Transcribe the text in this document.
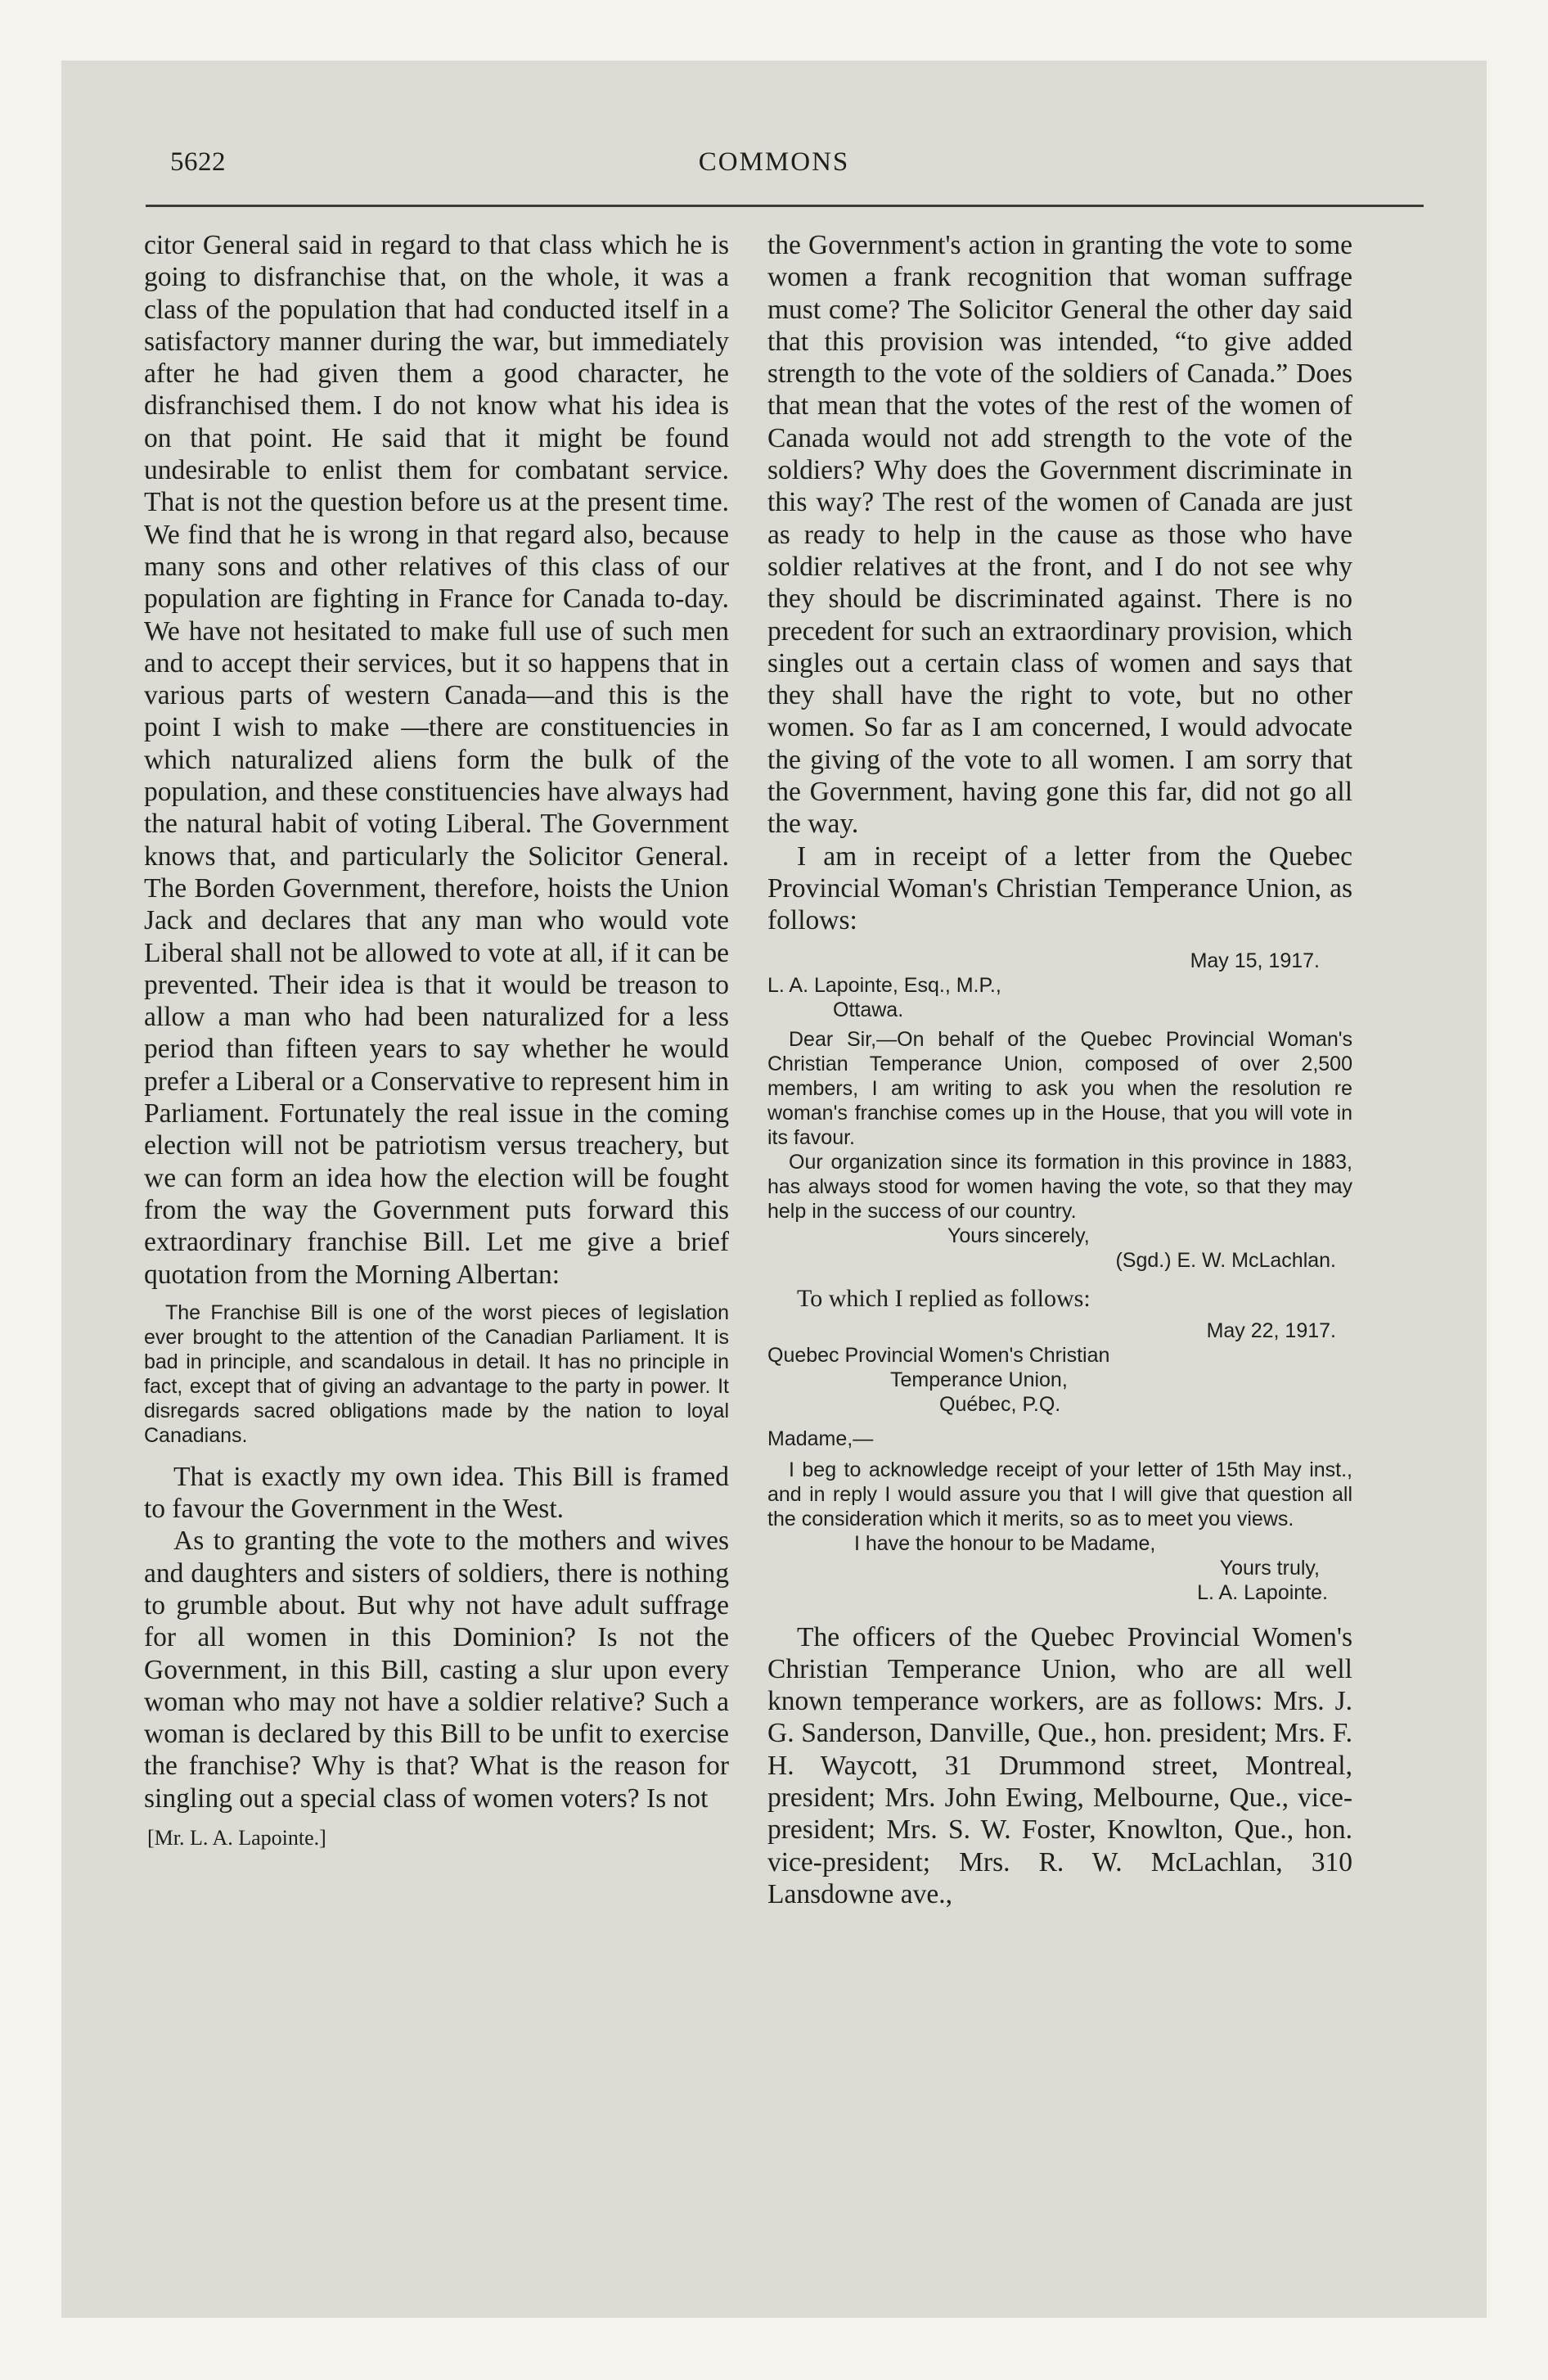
5622	COMMONS

citor General said in regard to that class which he is going to disfranchise that, on the whole, it was a class of the population that had conducted itself in a satisfactory manner during the war, but immediately after he had given them a good character, he disfranchised them. I do not know what his idea is on that point. He said that it might be found undesirable to enlist them for combatant service. That is not the question before us at the present time. We find that he is wrong in that regard also, because many sons and other relatives of this class of our population are fighting in France for Canada to-day. We have not hesitated to make full use of such men and to accept their services, but it so happens that in various parts of western Canada—and this is the point I wish to make —there are constituencies in which naturalized aliens form the bulk of the population, and these constituencies have always had the natural habit of voting Liberal. The Government knows that, and particularly the Solicitor General. The Borden Government, therefore, hoists the Union Jack and declares that any man who would vote Liberal shall not be allowed to vote at all, if it can be prevented. Their idea is that it would be treason to allow a man who had been naturalized for a less period than fifteen years to say whether he would prefer a Liberal or a Conservative to represent him in Parliament. Fortunately the real issue in the coming election will not be patriotism versus treachery, but we can form an idea how the election will be fought from the way the Government puts forward this extraordinary franchise Bill. Let me give a brief quotation from the Morning Albertan:

The Franchise Bill is one of the worst pieces of legislation ever brought to the attention of the Canadian Parliament. It is bad in principle, and scandalous in detail. It has no principle in fact, except that of giving an advantage to the party in power. It disregards sacred obligations made by the nation to loyal Canadians.

That is exactly my own idea. This Bill is framed to favour the Government in the West.

As to granting the vote to the mothers and wives and daughters and sisters of soldiers, there is nothing to grumble about. But why not have adult suffrage for all women in this Dominion? Is not the Government, in this Bill, casting a slur upon every woman who may not have a soldier relative? Such a woman is declared by this Bill to be unfit to exercise the franchise? Why is that? What is the reason for singling out a special class of women voters? Is not

[Mr. L. A. Lapointe.]

the Government's action in granting the vote to some women a frank recognition that woman suffrage must come? The Solicitor General the other day said that this provision was intended, “to give added strength to the vote of the soldiers of Canada.” Does that mean that the votes of the rest of the women of Canada would not add strength to the vote of the soldiers? Why does the Government discriminate in this way? The rest of the women of Canada are just as ready to help in the cause as those who have soldier relatives at the front, and I do not see why they should be discriminated against. There is no precedent for such an extraordinary provision, which singles out a certain class of women and says that they shall have the right to vote, but no other women. So far as I am concerned, I would advocate the giving of the vote to all women. I am sorry that the Government, having gone this far, did not go all the way.

I am in receipt of a letter from the Quebec Provincial Woman's Christian Temperance Union, as follows:

May 15, 1917.

L. A. Lapointe, Esq., M.P.,

Ottawa.

Dear Sir,—On behalf of the Quebec Provincial Woman's Christian Temperance Union, composed of over 2,500 members, I am writing to ask you when the resolution re woman's franchise comes up in the House, that you will vote in its favour.

Our organization since its formation in this province in 1883, has always stood for women having the vote, so that they may help in the success of our country.

Yours sincerely,

(Sgd.) E. W. McLachlan.

To which I replied as follows:

May 22, 1917.

Quebec Provincial Women's Christian

Temperance Union,

Québec, P.Q.

Madame,—

I beg to acknowledge receipt of your letter of 15th May inst., and in reply I would assure you that I will give that question all the consideration which it merits, so as to meet you views.

I have the honour to be Madame,

Yours truly,

L. A. Lapointe.

The officers of the Quebec Provincial Women's Christian Temperance Union, who are all well known temperance workers, are as follows: Mrs. J. G. Sanderson, Danville, Que., hon. president; Mrs. F. H. Waycott, 31 Drummond street, Montreal, president; Mrs. John Ewing, Melbourne, Que., vice-president; Mrs. S. W. Foster, Knowlton, Que., hon. vice-president; Mrs. R. W. McLachlan, 310 Lansdowne ave.,
